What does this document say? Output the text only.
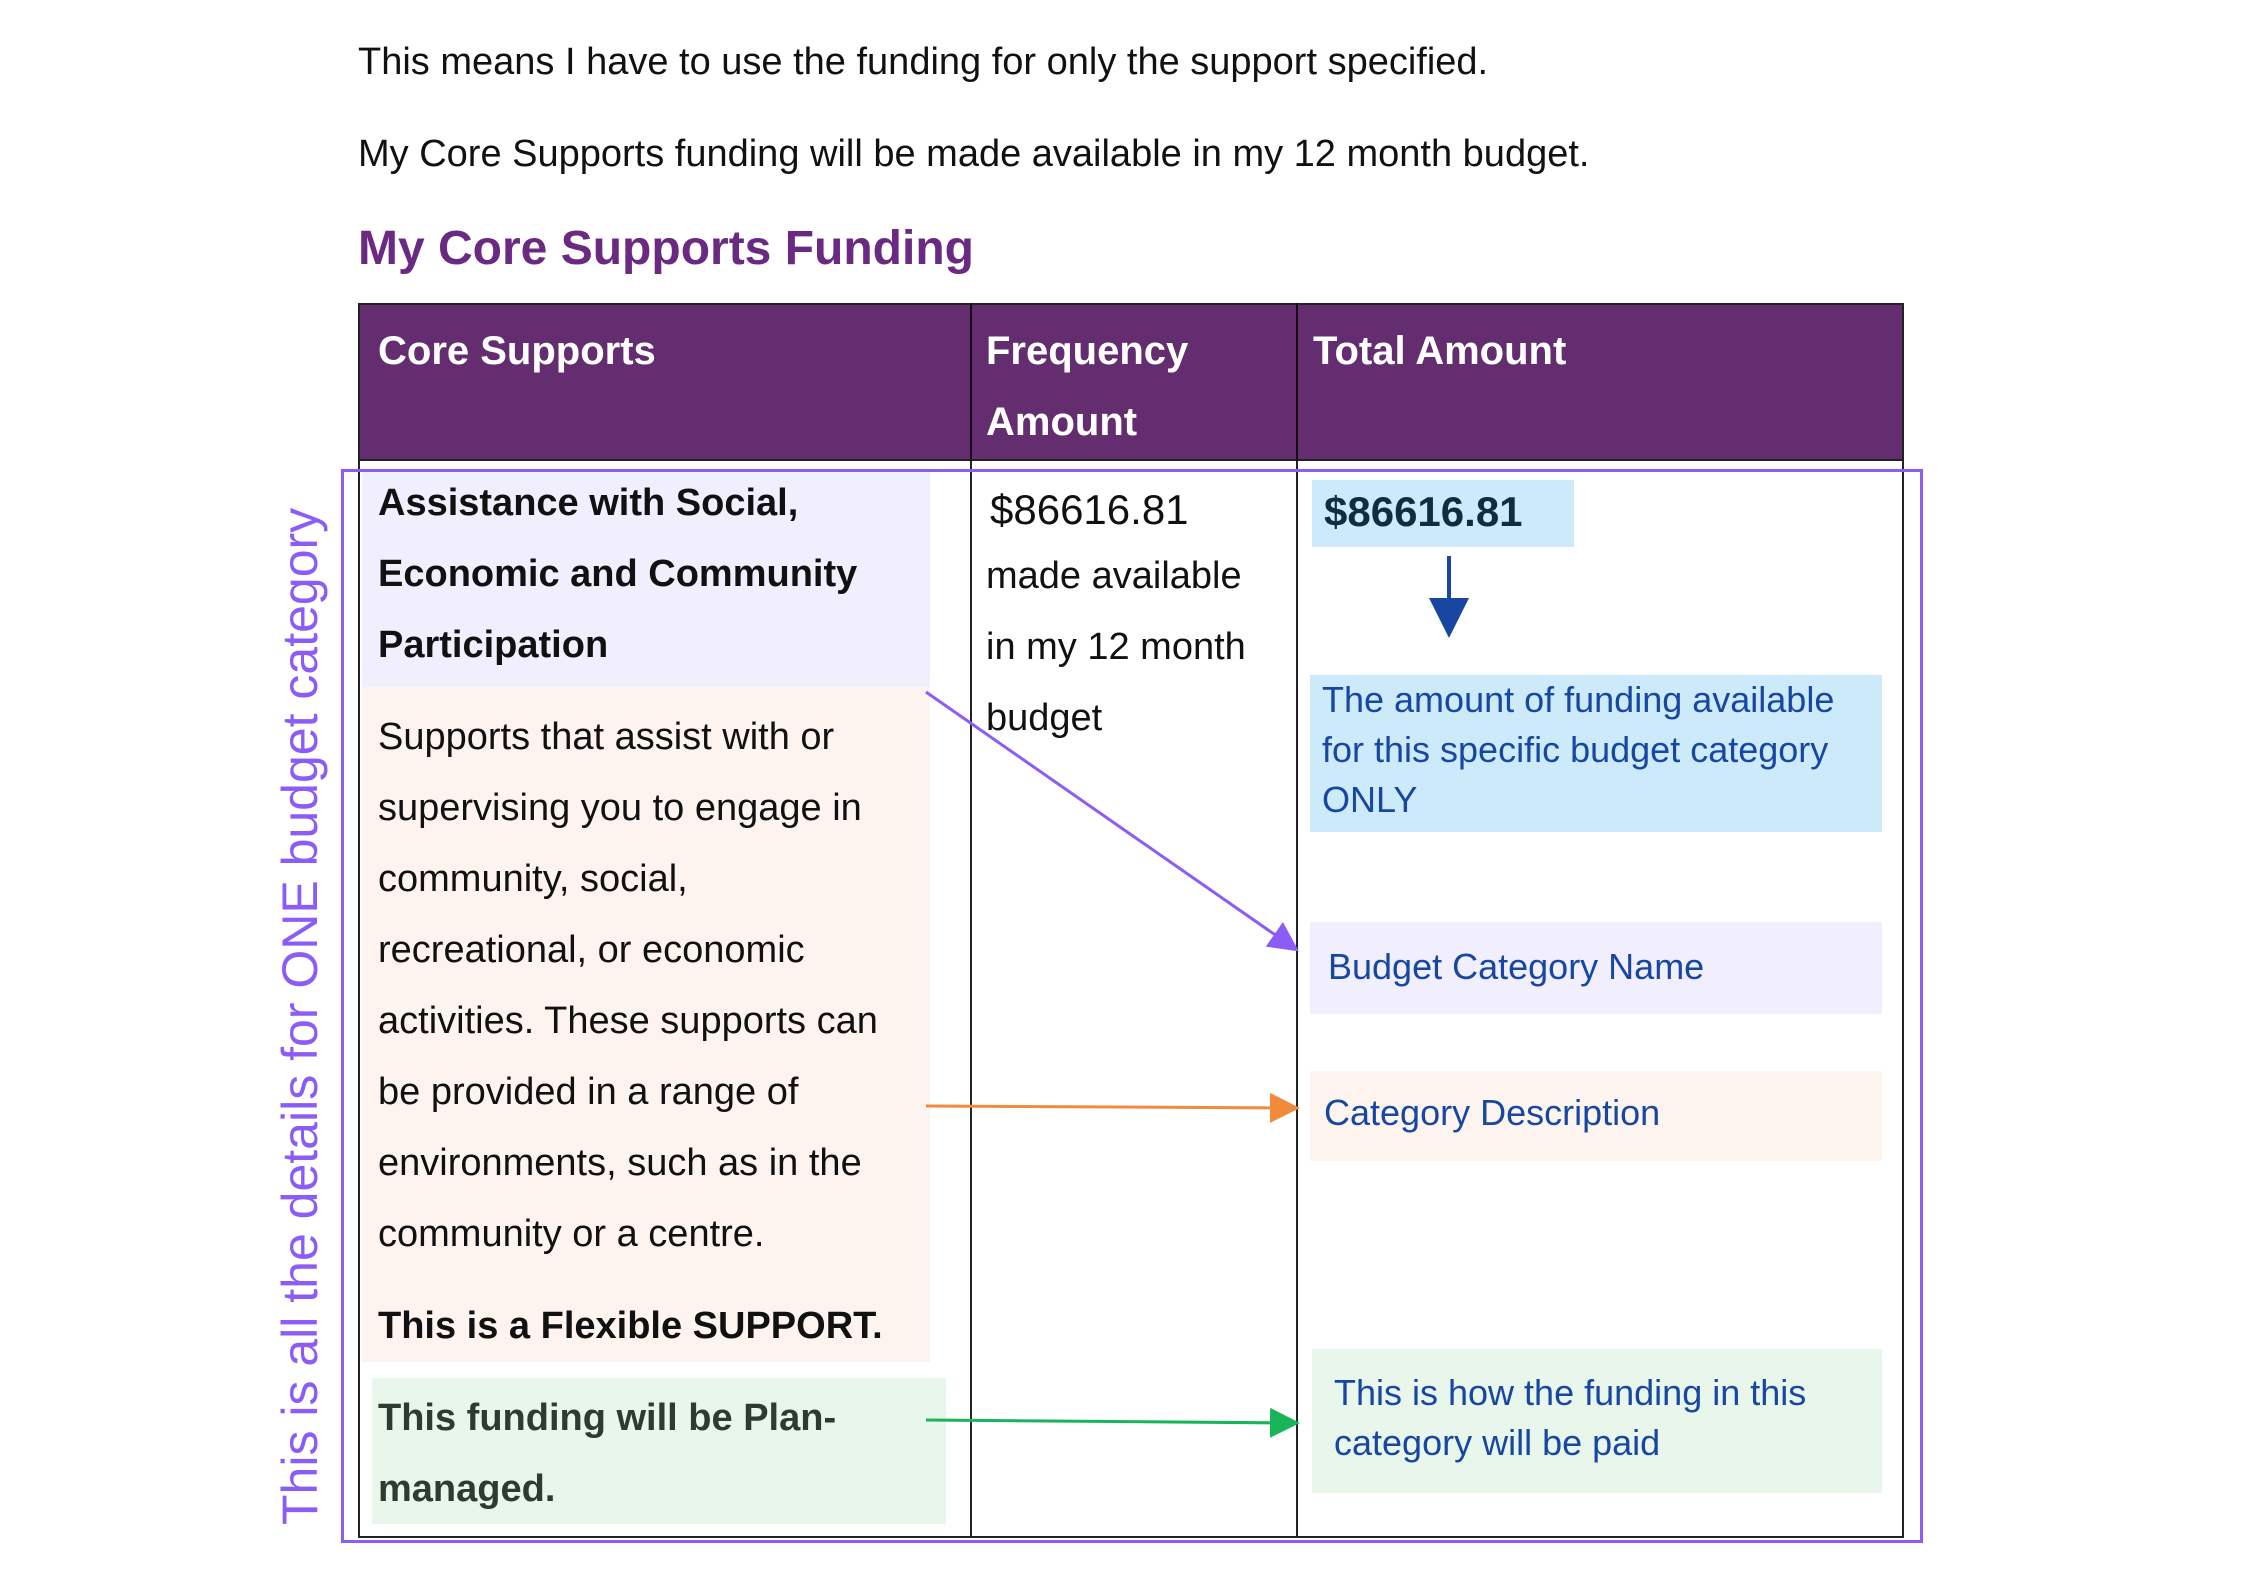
This means I have to use the funding for only the support specified.

My Core Supports funding will be made available in my 12 month budget.

My Core Supports Funding
Core Supports	Frequency
Amount
Total Amount
Assistance with Social,
Economic and Community
Participation
Supports that assist with or
supervising you to engage in
community, social,
recreational, or economic
activities. These supports can
be provided in a range of
environments, such as in the
community or a centre.
This is a Flexible SUPPORT.
This funding will be Plan-
managed.
$86616.81
made available
in my 12 month
budget
$86616.81
The amount of funding available
for this specific budget category
ONLY
Budget Category Name
Category Description
This is how the funding in this
category will be paid
This is all the details for ONE budget category
